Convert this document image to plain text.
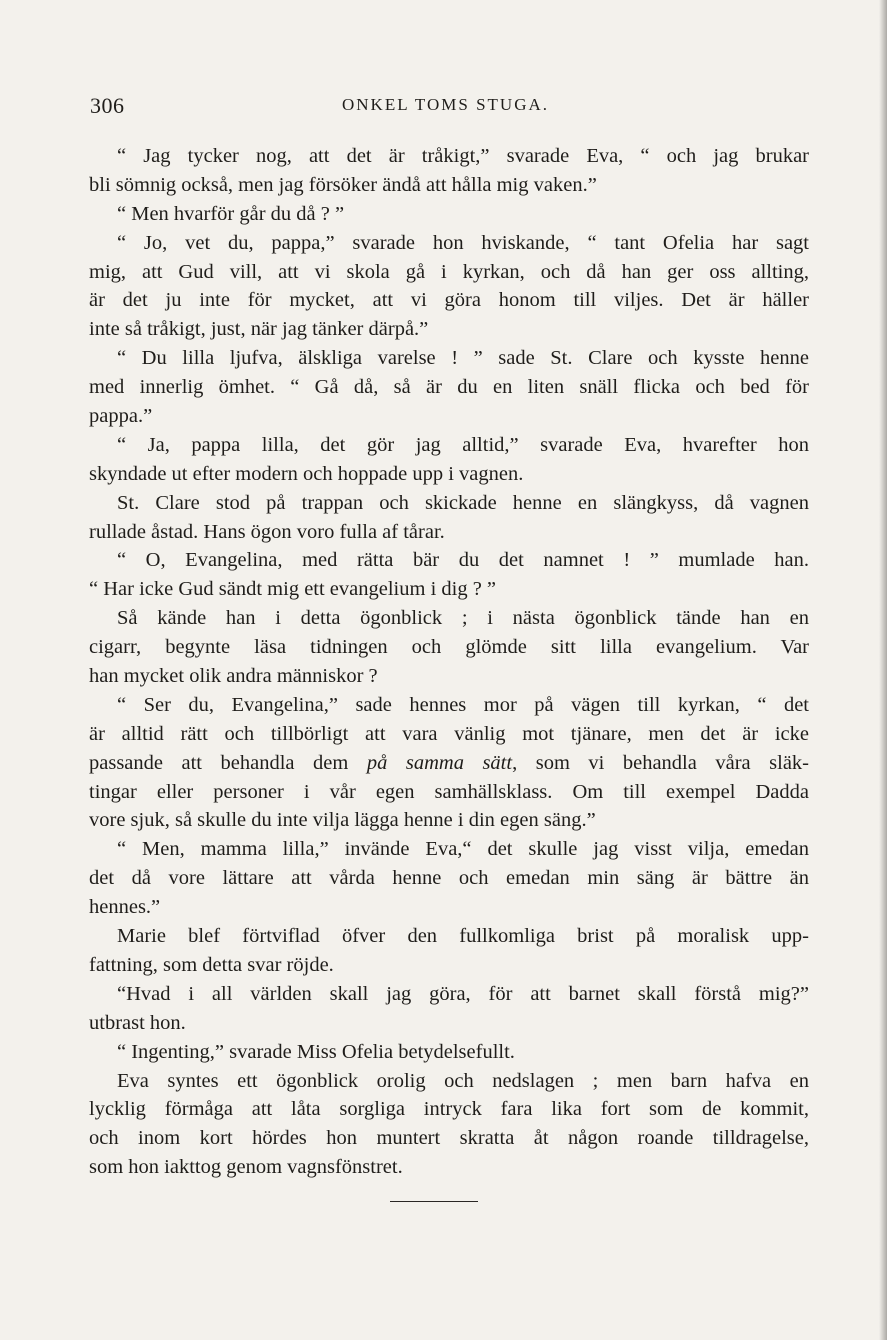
306	ONKEL TOMS STUGA.
“ Jag tycker nog, att det är tråkigt,” svarade Eva, “ och jag brukar
bli sömnig också, men jag försöker ändå att hålla mig vaken.”
“ Men hvarför går du då ? ”
“ Jo, vet du, pappa,” svarade hon hviskande, “ tant Ofelia har sagt
mig, att Gud vill, att vi skola gå i kyrkan, och då han ger oss allting,
är det ju inte för mycket, att vi göra honom till viljes. Det är häller
inte så tråkigt, just, när jag tänker därpå.”
“ Du lilla ljufva, älskliga varelse ! ” sade St. Clare och kysste henne
med innerlig ömhet. “ Gå då, så är du en liten snäll flicka och bed för
pappa.”
“ Ja, pappa lilla, det gör jag alltid,” svarade Eva, hvarefter hon
skyndade ut efter modern och hoppade upp i vagnen.
St. Clare stod på trappan och skickade henne en slängkyss, då vagnen
rullade åstad. Hans ögon voro fulla af tårar.
“ O, Evangelina, med rätta bär du det namnet ! ” mumlade han.
“ Har icke Gud sändt mig ett evangelium i dig ? ”
Så kände han i detta ögonblick ; i nästa ögonblick tände han en
cigarr, begynte läsa tidningen och glömde sitt lilla evangelium. Var
han mycket olik andra människor ?
“ Ser du, Evangelina,” sade hennes mor på vägen till kyrkan, “ det
är alltid rätt och tillbörligt att vara vänlig mot tjänare, men det är icke
passande att behandla dem på samma sätt, som vi behandla våra släk-
tingar eller personer i vår egen samhällsklass. Om till exempel Dadda
vore sjuk, så skulle du inte vilja lägga henne i din egen säng.”
“ Men, mamma lilla,” invände Eva,“ det skulle jag visst vilja, emedan
det då vore lättare att vårda henne och emedan min säng är bättre än
hennes.”
Marie blef förtviflad öfver den fullkomliga brist på moralisk upp-
fattning, som detta svar röjde.
“Hvad i all världen skall jag göra, för att barnet skall förstå mig?”
utbrast hon.
“ Ingenting,” svarade Miss Ofelia betydelsefullt.
Eva syntes ett ögonblick orolig och nedslagen ; men barn hafva en
lycklig förmåga att låta sorgliga intryck fara lika fort som de kommit,
och inom kort hördes hon muntert skratta åt någon roande tilldragelse,
som hon iakttog genom vagnsfönstret.
